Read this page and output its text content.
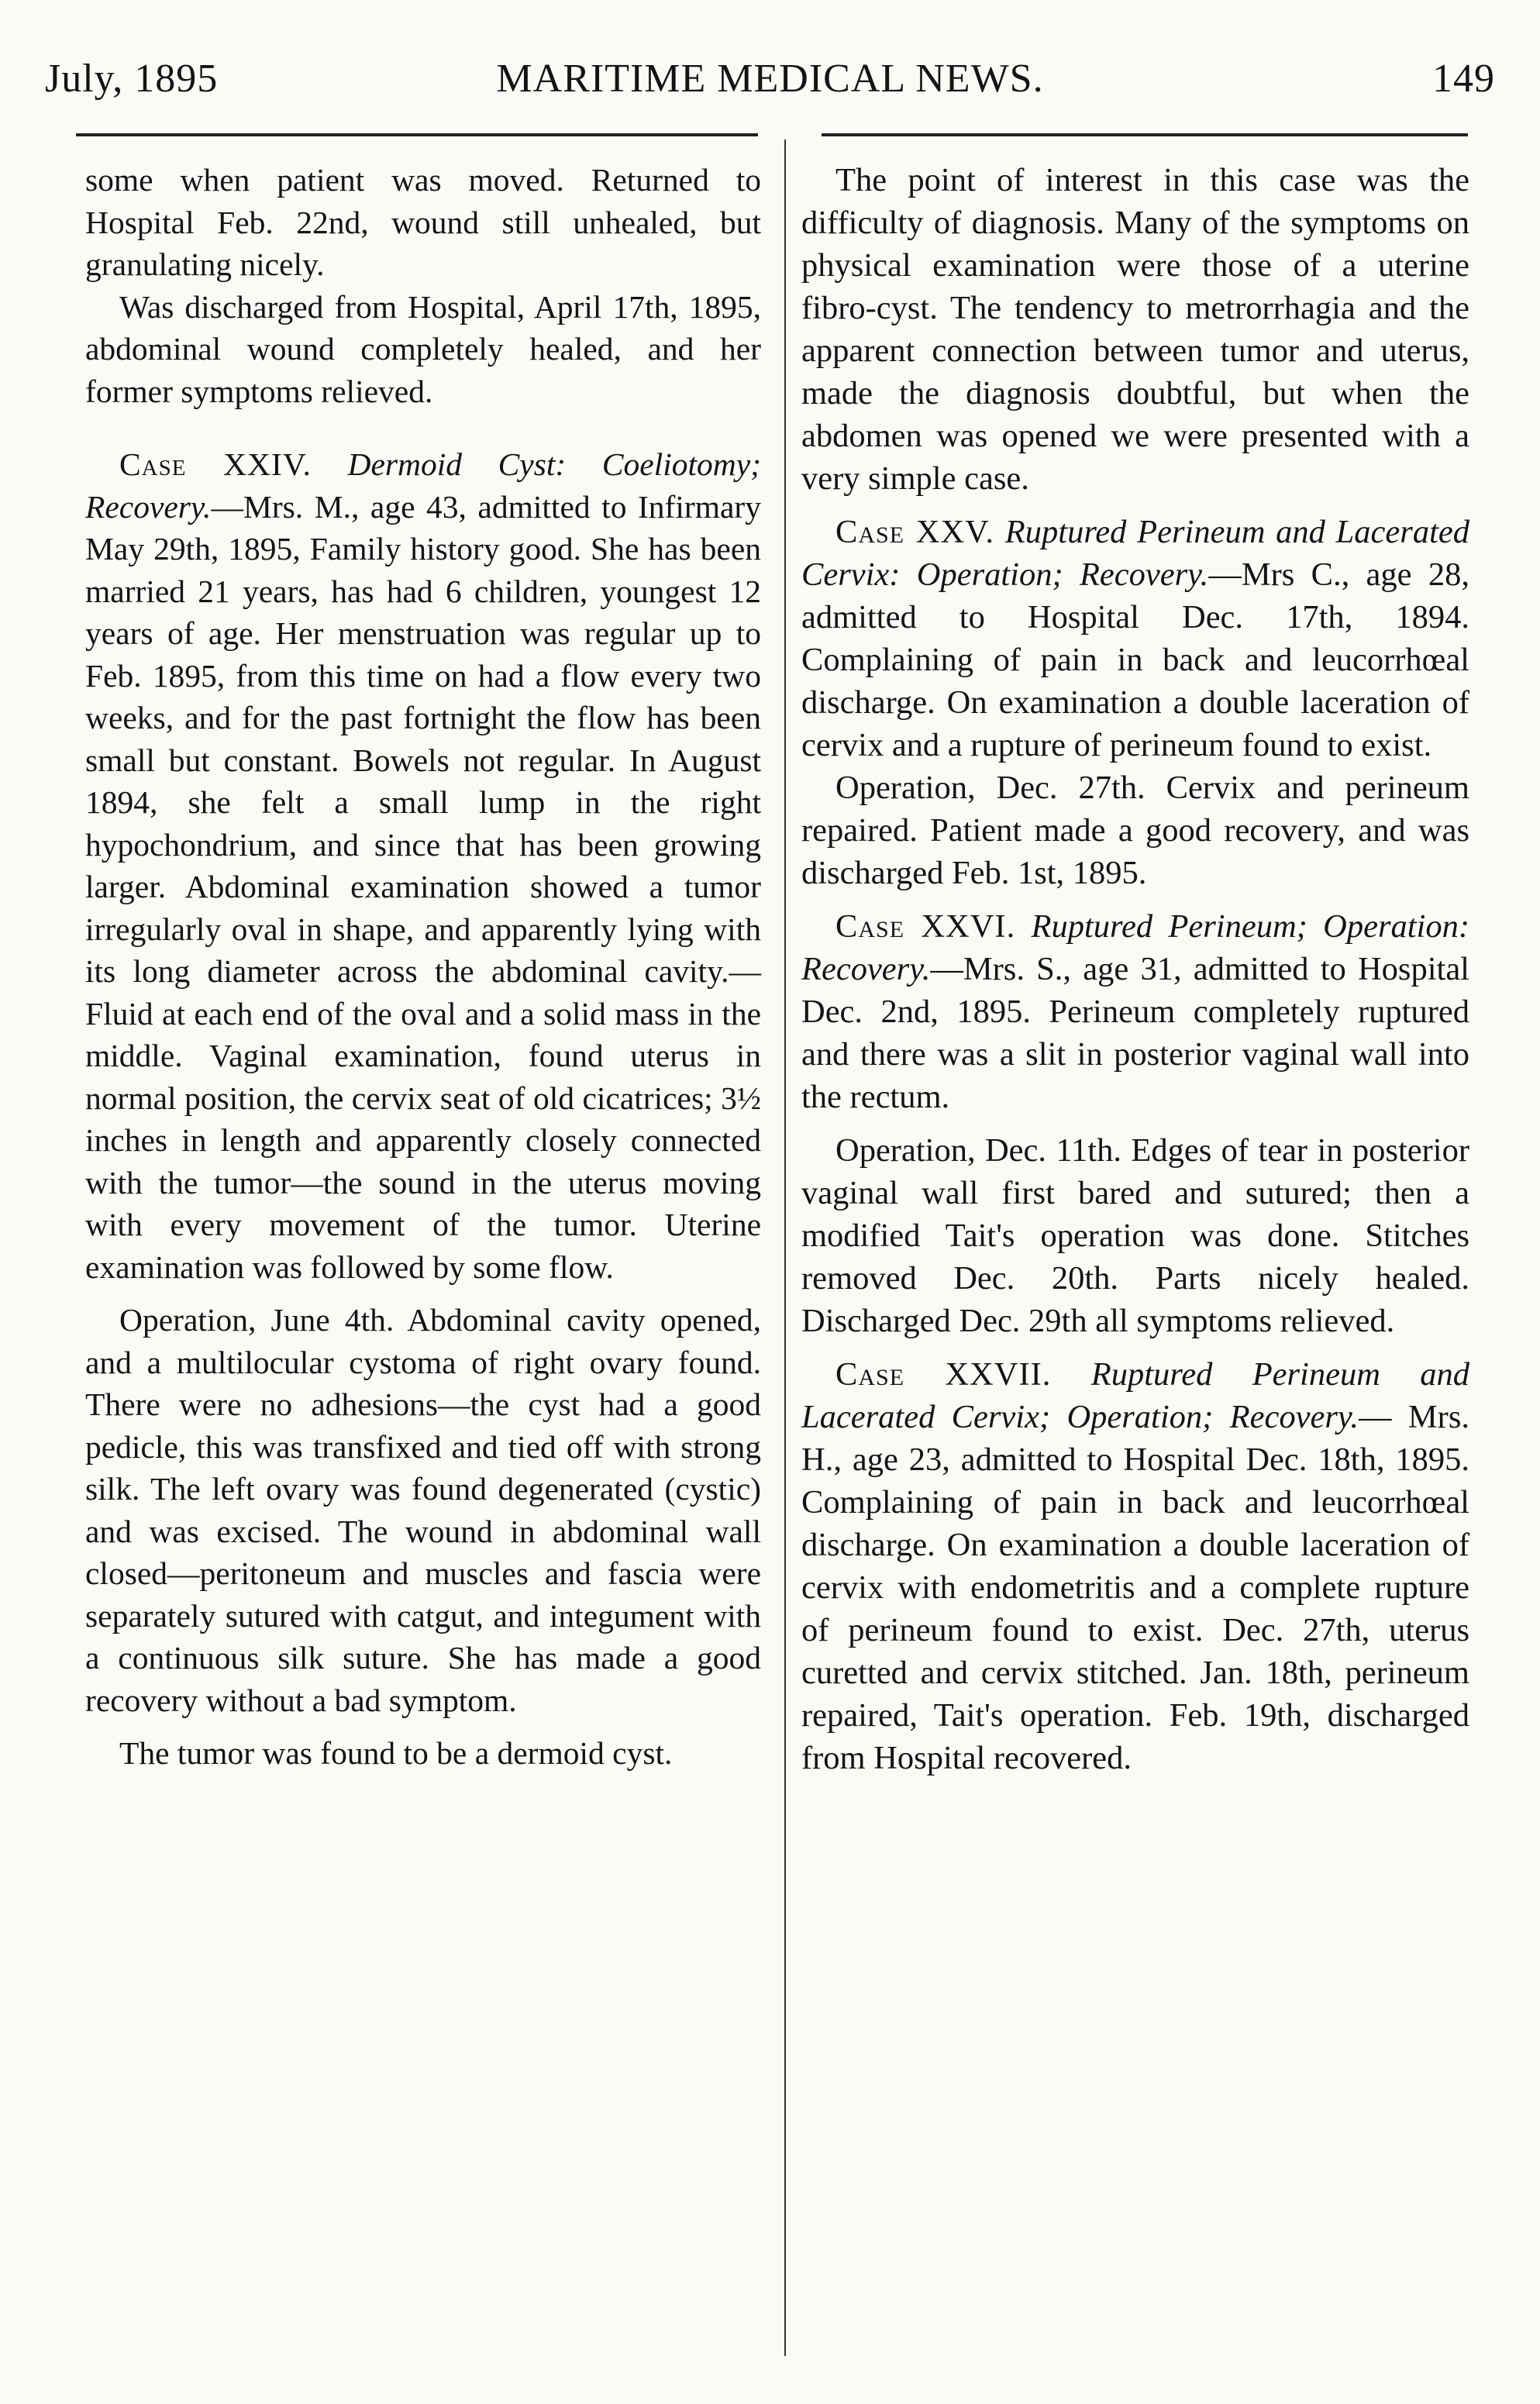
July, 1895	MARITIME MEDICAL NEWS.	149

some when patient was moved. Returned to Hospital Feb. 22nd, wound still unhealed, but granulating nicely.

Was discharged from Hospital, April 17th, 1895, abdominal wound completely healed, and her former symptoms relieved.

Case XXIV. Dermoid Cyst: Coeliotomy; Recovery.—Mrs. M., age 43, admitted to Infirmary May 29th, 1895, Family history good. She has been married 21 years, has had 6 children, youngest 12 years of age. Her menstruation was regular up to Feb. 1895, from this time on had a flow every two weeks, and for the past fortnight the flow has been small but constant. Bowels not regular. In August 1894, she felt a small lump in the right hypochondrium, and since that has been growing larger. Abdominal examination showed a tumor irregularly oval in shape, and apparently lying with its long diameter across the abdominal cavity.—Fluid at each end of the oval and a solid mass in the middle. Vaginal examination, found uterus in normal position, the cervix seat of old cicatrices; 3½ inches in length and apparently closely connected with the tumor—the sound in the uterus moving with every movement of the tumor. Uterine examination was followed by some flow.

Operation, June 4th. Abdominal cavity opened, and a multilocular cystoma of right ovary found. There were no adhesions—the cyst had a good pedicle, this was transfixed and tied off with strong silk. The left ovary was found degenerated (cystic) and was excised. The wound in abdominal wall closed—peritoneum and muscles and fascia were separately sutured with catgut, and integument with a continuous silk suture. She has made a good recovery without a bad symptom.

The tumor was found to be a dermoid cyst.

The point of interest in this case was the difficulty of diagnosis. Many of the symptoms on physical examination were those of a uterine fibro-cyst. The tendency to metrorrhagia and the apparent connection between tumor and uterus, made the diagnosis doubtful, but when the abdomen was opened we were presented with a very simple case.

Case XXV. Ruptured Perineum and Lacerated Cervix: Operation; Recovery.—Mrs C., age 28, admitted to Hospital Dec. 17th, 1894. Complaining of pain in back and leucorrhœal discharge. On examination a double laceration of cervix and a rupture of perineum found to exist.

Operation, Dec. 27th. Cervix and perineum repaired. Patient made a good recovery, and was discharged Feb. 1st, 1895.

Case XXVI. Ruptured Perineum; Operation: Recovery.—Mrs. S., age 31, admitted to Hospital Dec. 2nd, 1895. Perineum completely ruptured and there was a slit in posterior vaginal wall into the rectum.

Operation, Dec. 11th. Edges of tear in posterior vaginal wall first bared and sutured; then a modified Tait's operation was done. Stitches removed Dec. 20th. Parts nicely healed. Discharged Dec. 29th all symptoms relieved.

Case XXVII. Ruptured Perineum and Lacerated Cervix; Operation; Recovery.— Mrs. H., age 23, admitted to Hospital Dec. 18th, 1895. Complaining of pain in back and leucorrhœal discharge. On examination a double laceration of cervix with endometritis and a complete rupture of perineum found to exist. Dec. 27th, uterus curetted and cervix stitched. Jan. 18th, perineum repaired, Tait's operation. Feb. 19th, discharged from Hospital recovered.
